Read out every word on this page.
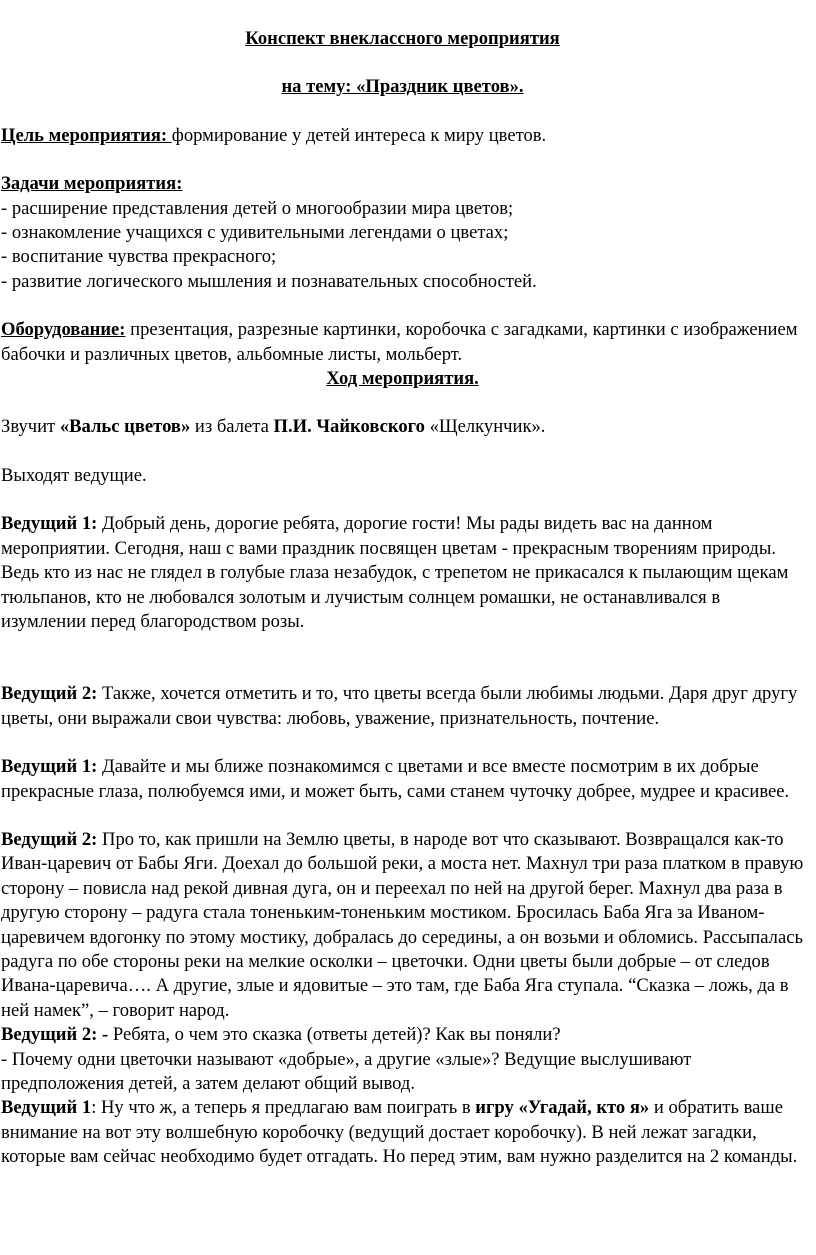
Конспект внеклассного мероприятия

на тему: «Праздник цветов».

Цель мероприятия: формирование у детей интереса к миру цветов.

Задачи мероприятия:

- расширение представления детей о многообразии мира цветов;

- ознакомление учащихся с удивительными легендами о цветах;

- воспитание чувства прекрасного;

- развитие логического мышления и познавательных способностей.

Оборудование: презентация, разрезные картинки, коробочка с загадками, картинки с изображением бабочки и различных цветов, альбомные листы, мольберт.

Ход мероприятия.

Звучит «Вальс цветов» из балета П.И. Чайковского «Щелкунчик».

Выходят ведущие.

Ведущий 1: Добрый день, дорогие ребята, дорогие гости! Мы рады видеть вас на данном мероприятии. Сегодня, наш с вами праздник посвящен цветам - прекрасным творениям природы. Ведь кто из нас не глядел в голубые глаза незабудок, с трепетом не прикасался к пылающим щекам тюльпанов, кто не любовался золотым и лучистым солнцем ромашки, не останавливался в изумлении перед благородством розы.

Ведущий 2: Также, хочется отметить и то, что цветы всегда были любимы людьми. Даря друг другу цветы, они выражали свои чувства: любовь, уважение, признательность, почтение.

Ведущий 1: Давайте и мы ближе познакомимся с цветами и все вместе посмотрим в их добрые прекрасные глаза, полюбуемся ими, и может быть, сами станем чуточку добрее, мудрее и красивее.

Ведущий 2: Про то, как пришли на Землю цветы, в народе вот что сказывают. Возвращался как-то Иван-царевич от Бабы Яги. Доехал до большой реки, а моста нет. Махнул три раза платком в правую сторону – повисла над рекой дивная дуга, он и переехал по ней на другой берег. Махнул два раза в другую сторону – радуга стала тоненьким-тоненьким мостиком. Бросилась Баба Яга за Иваном-царевичем вдогонку по этому мостику, добралась до середины, а он возьми и обломись. Рассыпалась радуга по обе стороны реки на мелкие осколки – цветочки. Одни цветы были добрые – от следов Ивана-царевича…. А другие, злые и ядовитые – это там, где Баба Яга ступала. “Сказка – ложь, да в ней намек”, – говорит народ.

Ведущий 2: - Ребята, о чем это сказка (ответы детей)? Как вы поняли?

- Почему одни цветочки называют «добрые», а другие «злые»? Ведущие выслушивают предположения детей, а затем делают общий вывод.

Ведущий 1: Ну что ж, а теперь я предлагаю вам поиграть в игру «Угадай, кто я» и обратить ваше внимание на вот эту волшебную коробочку (ведущий достает коробочку). В ней лежат загадки, которые вам сейчас необходимо будет отгадать. Но перед этим, вам нужно разделится на 2 команды.
